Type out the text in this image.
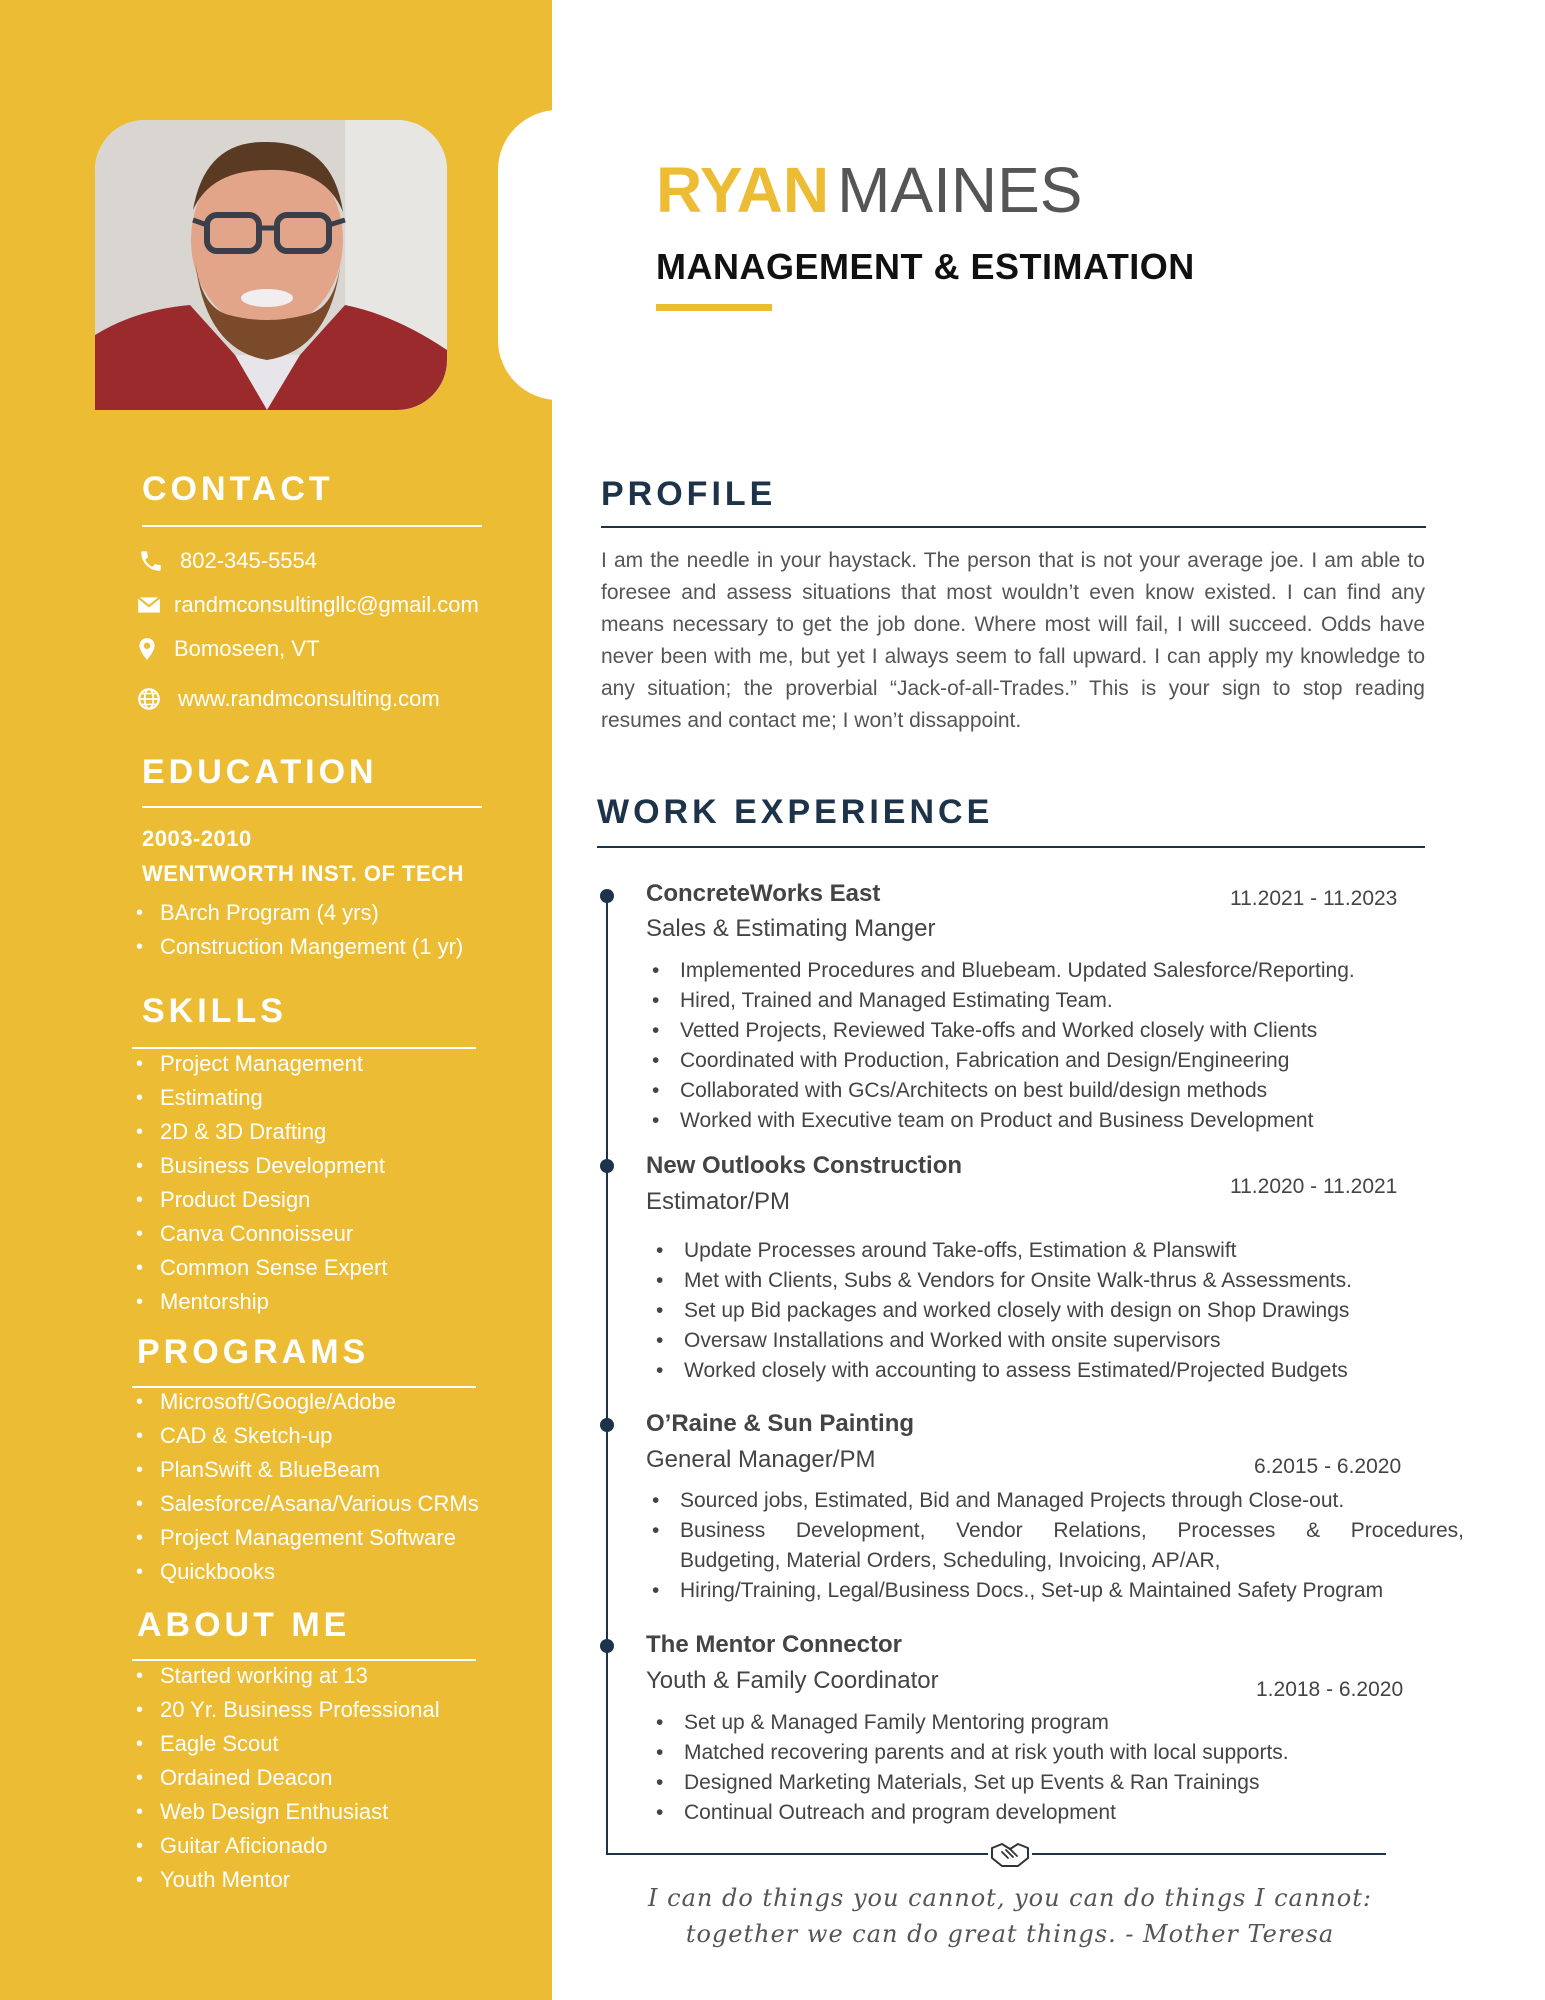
CONTACT
802-345-5554
randmconsultingllc@gmail.com
Bomoseen, VT
www.randmconsulting.com
EDUCATION
2003-2010
WENTWORTH INST. OF TECH
• BArch Program (4 yrs)
• Construction Mangement (1 yr)
SKILLS
• Project Management
• Estimating
• 2D & 3D Drafting
• Business Development
• Product Design
• Canva Connoisseur
• Common Sense Expert
• Mentorship
PROGRAMS
• Microsoft/Google/Adobe
• CAD & Sketch-up
• PlanSwift & BlueBeam
• Salesforce/Asana/Various CRMs
• Project Management Software
• Quickbooks
ABOUT ME
• Started working at 13
• 20 Yr. Business Professional
• Eagle Scout
• Ordained Deacon
• Web Design Enthusiast
• Guitar Aficionado
• Youth Mentor
RYAN MAINES
MANAGEMENT & ESTIMATION
PROFILE
I am the needle in your haystack. The person that is not your average joe. I am able to foresee and assess situations that most wouldn’t even know existed. I can find any means necessary to get the job done. Where most will fail, I will succeed. Odds have never been with me, but yet I always seem to fall upward. I can apply my knowledge to any situation; the proverbial “Jack-of-all-Trades.” This is your sign to stop reading resumes and contact me; I won’t dissappoint.
WORK EXPERIENCE
ConcreteWorks East
Sales & Estimating Manger
11.2021 - 11.2023
• Implemented Procedures and Bluebeam. Updated Salesforce/Reporting.
• Hired, Trained and Managed Estimating Team.
• Vetted Projects, Reviewed Take-offs and Worked closely with Clients
• Coordinated with Production, Fabrication and Design/Engineering
• Collaborated with GCs/Architects on best build/design methods
• Worked with Executive team on Product and Business Development
New Outlooks Construction
Estimator/PM
11.2020 - 11.2021
• Update Processes around Take-offs, Estimation & Planswift
• Met with Clients, Subs & Vendors for Onsite Walk-thrus & Assessments.
• Set up Bid packages and worked closely with design on Shop Drawings
• Oversaw Installations and Worked with onsite supervisors
• Worked closely with accounting to assess Estimated/Projected Budgets
O’Raine & Sun Painting
General Manager/PM	6.2015 - 6.2020
• Sourced jobs, Estimated, Bid and Managed Projects through Close-out.
• Business Development, Vendor Relations, Processes & Procedures,
Budgeting, Material Orders, Scheduling, Invoicing, AP/AR,
• Hiring/Training, Legal/Business Docs., Set-up & Maintained Safety Program
The Mentor Connector
Youth & Family Coordinator	1.2018 - 6.2020
• Set up & Managed Family Mentoring program
• Matched recovering parents and at risk youth with local supports.
• Designed Marketing Materials, Set up Events & Ran Trainings
• Continual Outreach and program development
I can do things you cannot, you can do things I cannot:
together we can do great things. - Mother Teresa
